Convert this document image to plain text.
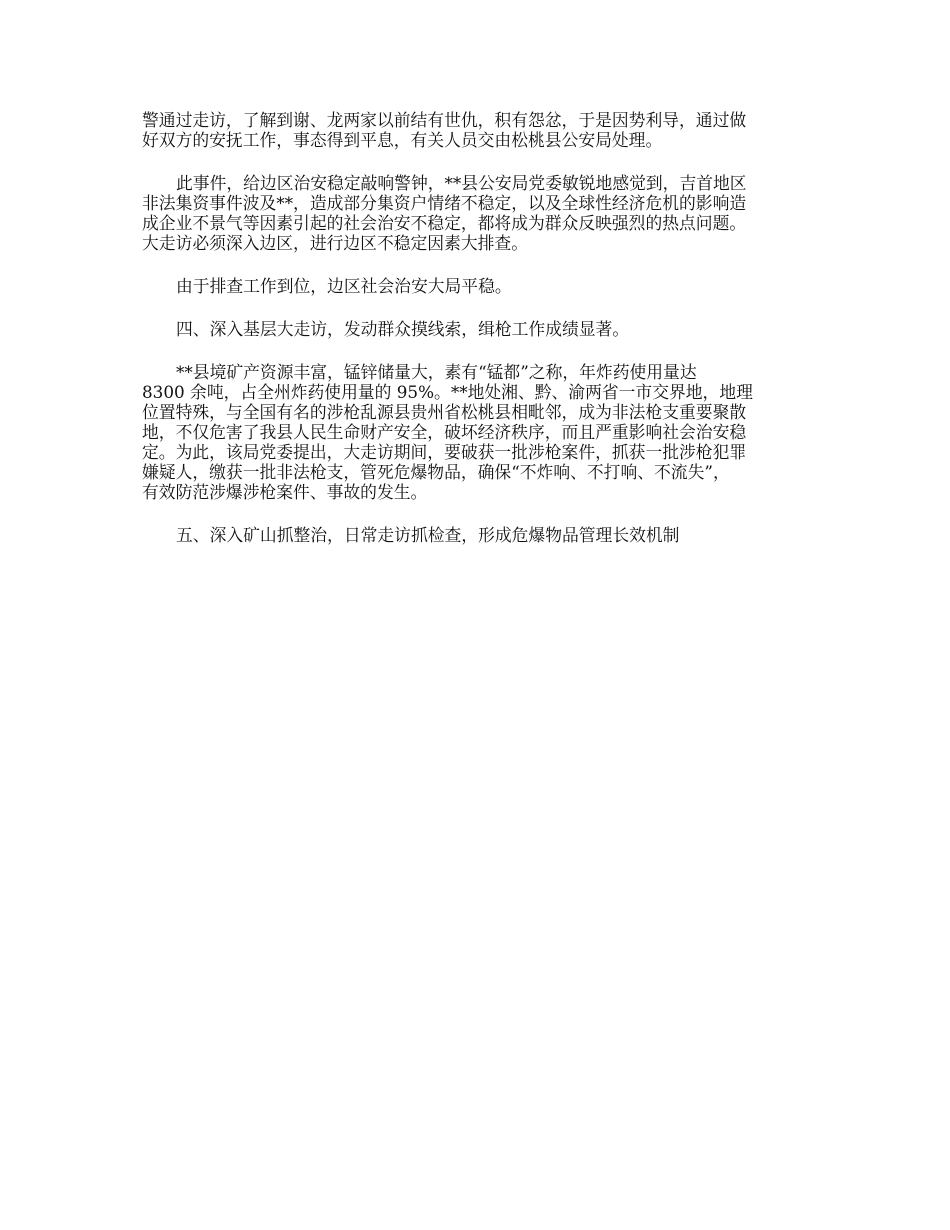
警通过走访，了解到谢、龙两家以前结有世仇，积有怨忿，于是因势利导，通过做
好双方的安抚工作，事态得到平息，有关人员交由松桃县公安局处理。

此事件，给边区治安稳定敲响警钟，**县公安局党委敏锐地感觉到，吉首地区
非法集资事件波及**，造成部分集资户情绪不稳定，以及全球性经济危机的影响造
成企业不景气等因素引起的社会治安不稳定，都将成为群众反映强烈的热点问题。
大走访必须深入边区，进行边区不稳定因素大排查。

由于排查工作到位，边区社会治安大局平稳。

四、深入基层大走访，发动群众摸线索，缉枪工作成绩显著。

**县境矿产资源丰富，锰锌储量大，素有“锰都”之称，年炸药使用量达
8300 余吨，占全州炸药使用量的 95%。**地处湘、黔、渝两省一市交界地，地理
位置特殊，与全国有名的涉枪乱源县贵州省松桃县相毗邻，成为非法枪支重要聚散
地，不仅危害了我县人民生命财产安全，破坏经济秩序，而且严重影响社会治安稳
定。为此，该局党委提出，大走访期间，要破获一批涉枪案件，抓获一批涉枪犯罪
嫌疑人，缴获一批非法枪支，管死危爆物品，确保“不炸响、不打响、不流失”，
有效防范涉爆涉枪案件、事故的发生。

五、深入矿山抓整治，日常走访抓检查，形成危爆物品管理长效机制
